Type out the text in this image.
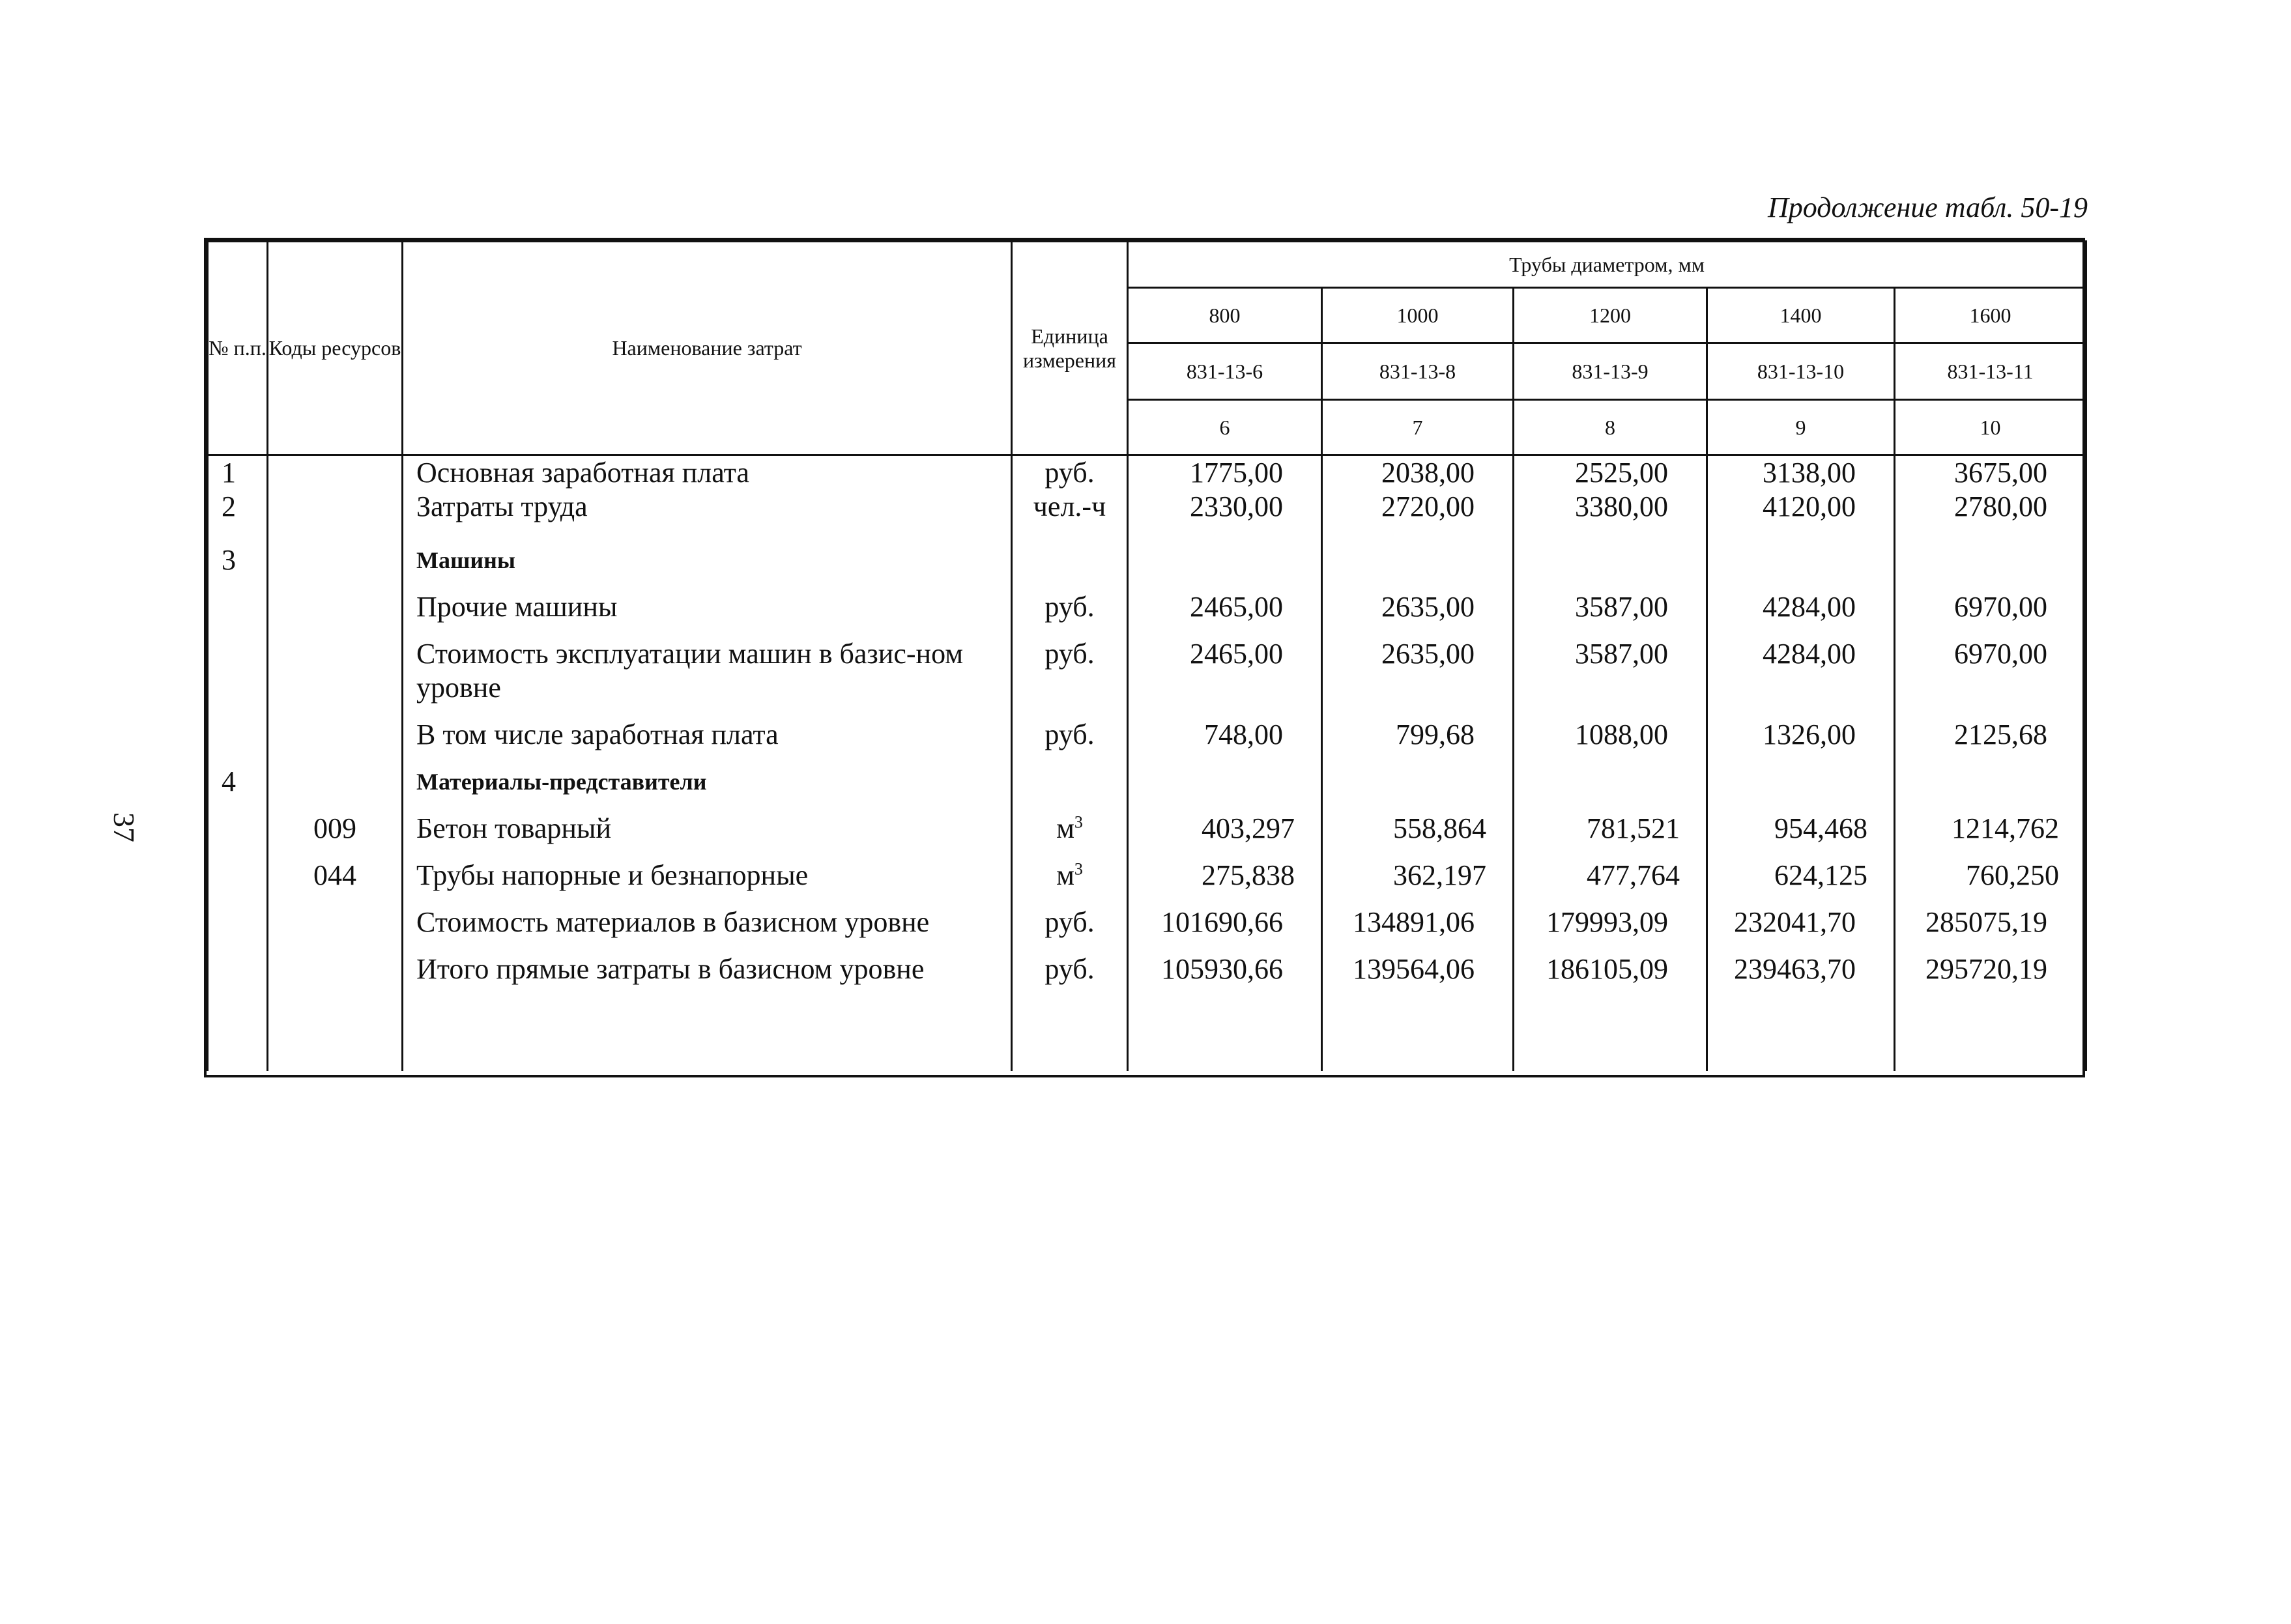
37
Продолжение табл. 50-19
№ п.п.	Коды ресурсов	Наименование затрат	Единица измерения	Трубы диаметром, мм				
				800	1000	1200	1400	1600
				831-13-6	831-13-8	831-13-9	831-13-10	831-13-11
				6	7	8	9	10
1		Основная заработная плата	руб.	1775,00	2038,00	2525,00	3138,00	3675,00
2		Затраты труда	чел.-ч	2330,00	2720,00	3380,00	4120,00	2780,00
3		Машины						
		Прочие машины	руб.	2465,00	2635,00	3587,00	4284,00	6970,00
		Стоимость эксплуатации машин в базис-ном уровне	руб.	2465,00	2635,00	3587,00	4284,00	6970,00
		В том числе заработная плата	руб.	748,00	799,68	1088,00	1326,00	2125,68
4		Материалы-представители						
	009	Бетон товарный	$м^3$	403,297	558,864	781,521	954,468	1214,762
	044	Трубы напорные и безнапорные	$м^3$	275,838	362,197	477,764	624,125	760,250
		Стоимость материалов в базисном уровне	руб.	101690,66	134891,06	179993,09	232041,70	285075,19
		Итого прямые затраты в базисном уровне	руб.	105930,66	139564,06	186105,09	239463,70	295720,19
